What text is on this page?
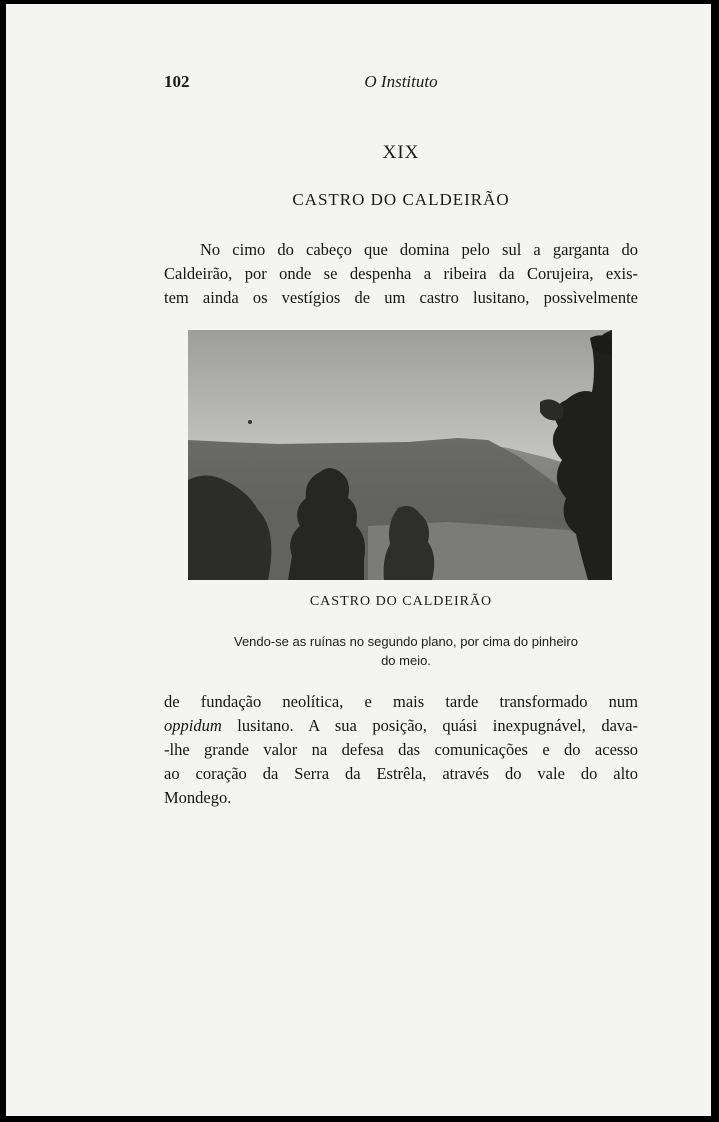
102	O Instituto
XIX
CASTRO DO CALDEIRÃO
No cimo do cabeço que domina pelo sul a garganta do
Caldeirão, por onde se despenha a ribeira da Corujeira, exis-
tem ainda os vestígios de um castro lusitano, possìvelmente
CASTRO DO CALDEIRÃO
Vendo-se as ruínas no segundo plano, por cima do pinheiro
do meio.
de fundação neolítica, e mais tarde transformado num
oppidum lusitano. A sua posição, quási inexpugnável, dava-
-lhe grande valor na defesa das comunicações e do acesso
ao coração da Serra da Estrêla, através do vale do alto
Mondego.
